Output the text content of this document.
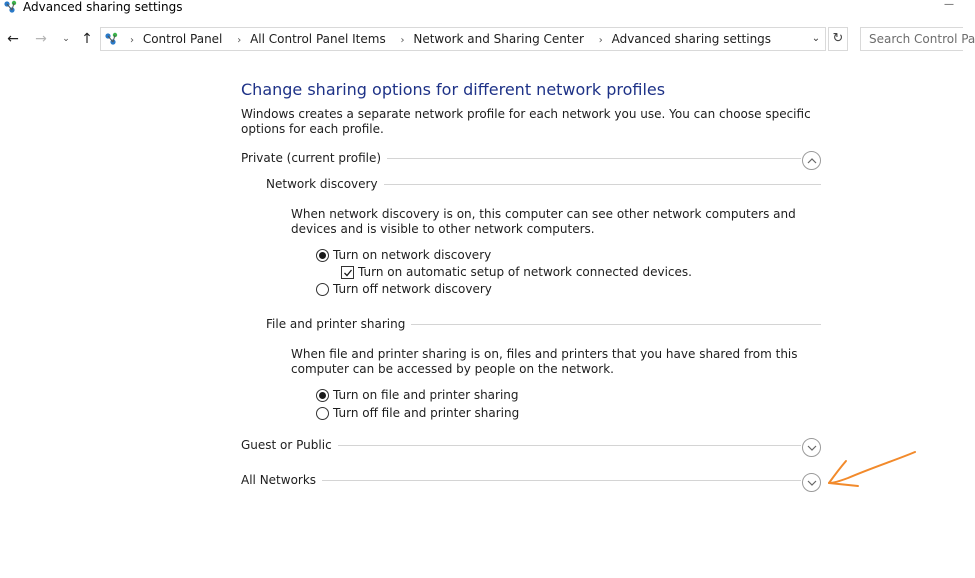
Advanced sharing settings	—
← →	⌄ ↑	› Control Panel › All Control Panel Items › Network and Sharing Center › Advanced sharing settings	⌄ ↻	Search Control Pa
Change sharing options for different network profiles
Windows creates a separate network profile for each network you use. You can choose specific options for each profile.
Private (current profile)
Network discovery
When network discovery is on, this computer can see other network computers and devices and is visible to other network computers.
Turn on network discovery
Turn on automatic setup of network connected devices.
Turn off network discovery
File and printer sharing
When file and printer sharing is on, files and printers that you have shared from this computer can be accessed by people on the network.
Turn on file and printer sharing
Turn off file and printer sharing
Guest or Public
All Networks
